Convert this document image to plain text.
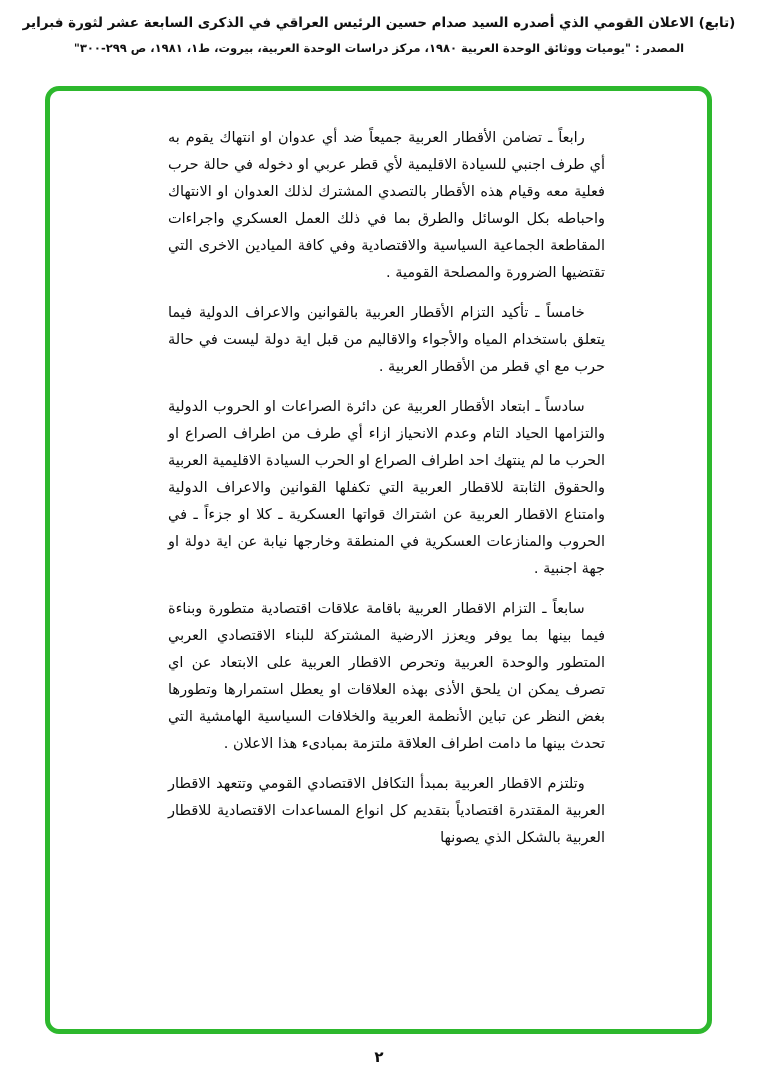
(تابع) الاعلان القومي الذي أصدره السيد صدام حسين الرئيس العراقي في الذكرى السابعة عشر لثورة فبراير
المصدر : "يوميات ووثائق الوحدة العربية ١٩٨٠، مركز دراسات الوحدة العربية، بيروت، ط١، ١٩٨١، ص ٢٩٩-٣٠٠"

رابعاً ـ تضامن الأقطار العربية جميعاً ضد أي عدوان او انتهاك يقوم به أي طرف اجنبي للسيادة الاقليمية لأي قطر عربي او دخوله في حالة حرب فعلية معه وقيام هذه الأقطار بالتصدي المشترك لذلك العدوان او الانتهاك واحباطه بكل الوسائل والطرق بما في ذلك العمل العسكري واجراءات المقاطعة الجماعية السياسية والاقتصادية وفي كافة الميادين الاخرى التي تقتضيها الضرورة والمصلحة القومية .

خامساً ـ تأكيد التزام الأقطار العربية بالقوانين والاعراف الدولية فيما يتعلق باستخدام المياه والأجواء والاقاليم من قبل اية دولة ليست في حالة حرب مع اي قطر من الأقطار العربية .

سادساً ـ ابتعاد الأقطار العربية عن دائرة الصراعات او الحروب الدولية والتزامها الحياد التام وعدم الانحياز ازاء أي طرف من اطراف الصراع او الحرب ما لم ينتهك احد اطراف الصراع او الحرب السيادة الاقليمية العربية والحقوق الثابتة للاقطار العربية التي تكفلها القوانين والاعراف الدولية وامتناع الاقطار العربية عن اشتراك قواتها العسكرية ـ كلا او جزءاً ـ في الحروب والمنازعات العسكرية في المنطقة وخارجها نيابة عن اية دولة او جهة اجنبية .

سابعاً ـ التزام الاقطار العربية باقامة علاقات اقتصادية متطورة وبناءة فيما بينها بما يوفر ويعزز الارضية المشتركة للبناء الاقتصادي العربي المتطور والوحدة العربية وتحرص الاقطار العربية على الابتعاد عن اي تصرف يمكن ان يلحق الأذى بهذه العلاقات او يعطل استمرارها وتطورها بغض النظر عن تباين الأنظمة العربية والخلافات السياسية الهامشية التي تحدث بينها ما دامت اطراف العلاقة ملتزمة بمبادىء هذا الاعلان .

وتلتزم الاقطار العربية بمبدأ التكافل الاقتصادي القومي وتتعهد الاقطار العربية المقتدرة اقتصادياً بتقديم كل انواع المساعدات الاقتصادية للاقطار العربية بالشكل الذي يصونها

٢
